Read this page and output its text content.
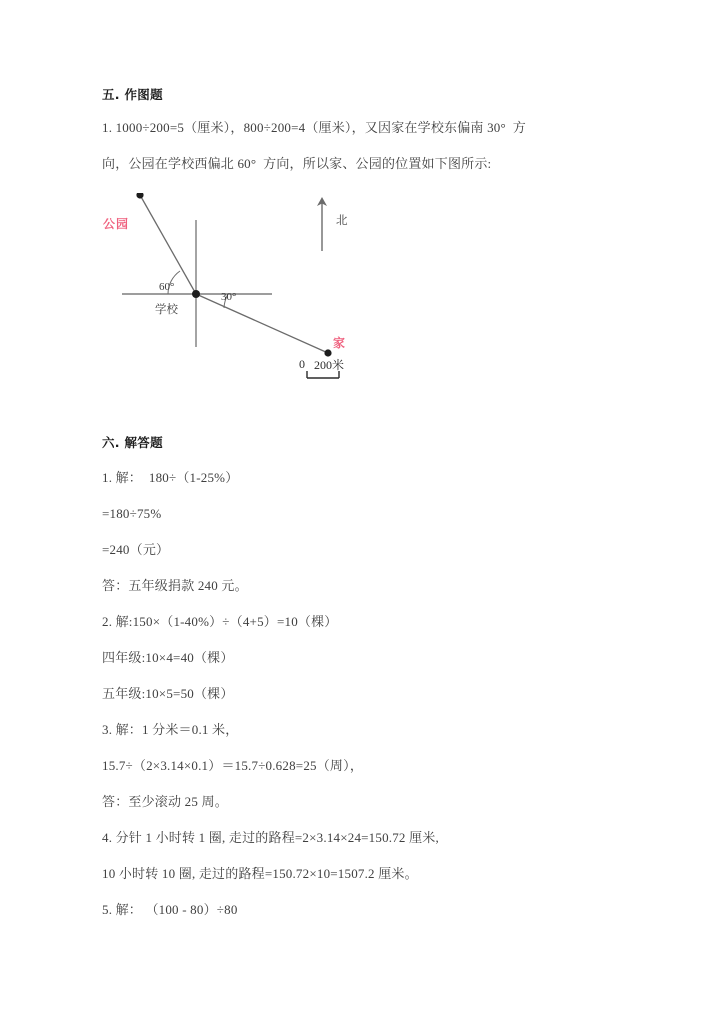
五. 作图题
1. 1000÷200=5（厘米），800÷200=4（厘米），又因家在学校东偏南 30°  方
向，公园在学校西偏北 60°  方向，所以家、公园的位置如下图所示:
公园
学校
家
北
60°
30°
0 200米
六. 解答题
1. 解：  180÷（1-25%）
=180÷75%
=240（元）
答：五年级捐款 240 元。
2. 解:150×（1-40%）÷（4+5）=10（棵）
四年级:10×4=40（棵）
五年级:10×5=50（棵）
3. 解：1 分米＝0.1 米，
15.7÷（2×3.14×0.1）＝15.7÷0.628=25（周），
答：至少滚动 25 周。
4. 分针 1 小时转 1 圈, 走过的路程=2×3.14×24=150.72 厘米,
10 小时转 10 圈, 走过的路程=150.72×10=1507.2 厘米。
5. 解： （100 - 80）÷80
